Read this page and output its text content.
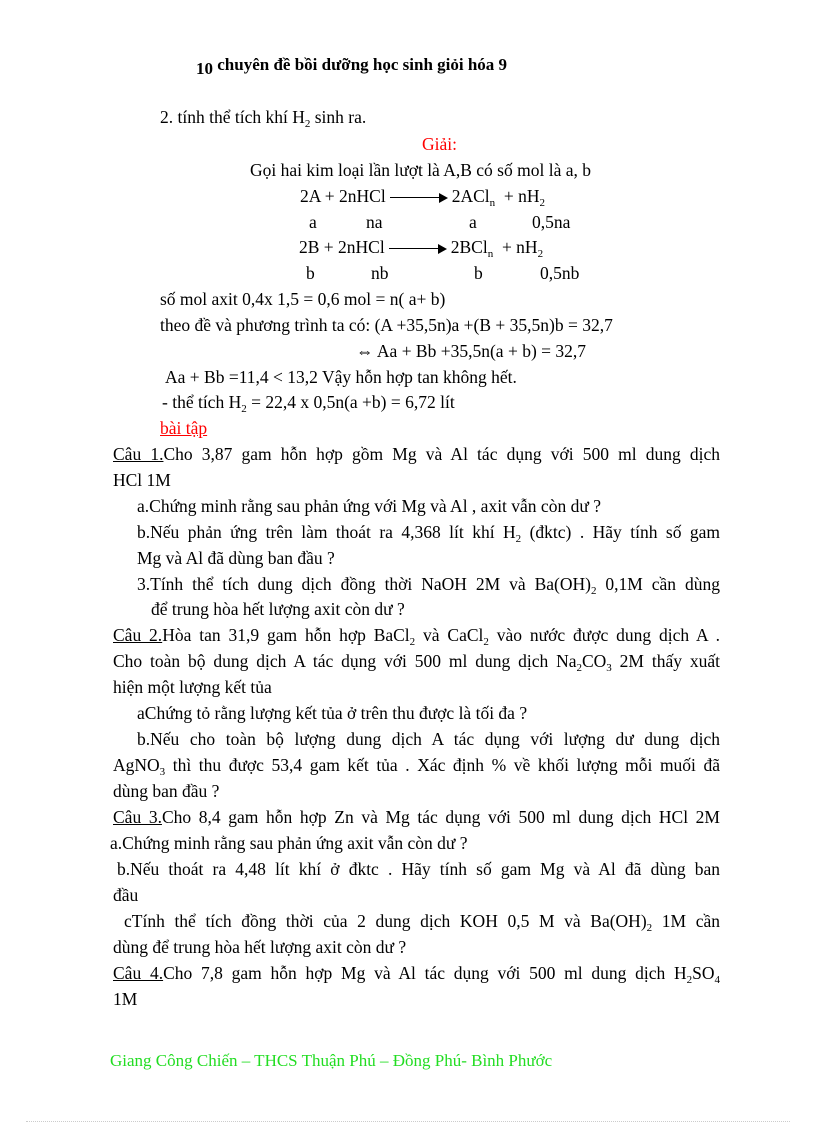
10 chuyên đề bồi dưỡng học sinh giỏi hóa 9
2. tính thể tích khí $H_2$ sinh ra.
Giải:
Gọi hai kim loại lần lượt là A,B có số mol là a, b
2A + 2nHCl	$2ACl_n + nH_2$
a	na	a	0,5na
2B + 2nHCl	$2BCl_n + nH_2$
b	nb	b	0,5nb
số mol axit 0,4x 1,5 = 0,6 mol = n( a+ b)
theo đề và phương trình ta có: (A +35,5n)a +(B + 35,5n)b = 32,7
⇔ Aa + Bb +35,5n(a + b) = 32,7
Aa + Bb =11,4 < 13,2 Vậy hỗn hợp tan không hết.
- thể tích $H_2 = 22,4$ x 0,5n(a +b) = 6,72 lít
bài tập
Câu 1.Cho 3,87 gam hỗn hợp gồm Mg và Al tác dụng với 500 ml dung dịch
HCl 1M
a.Chứng minh rằng sau phản ứng với Mg và Al , axit vẫn còn dư ?
b.Nếu phản ứng trên làm thoát ra 4,368 lít khí $H_2$ (đktc) . Hãy tính số gam
Mg và Al đã dùng ban đầu ?
3.Tính thể tích dung dịch đồng thời NaOH 2M và $Ba(OH)_2$ 0,1M cần dùng
để trung hòa hết lượng axit còn dư ?
Câu 2.Hòa tan 31,9 gam hỗn hợp BaCl$_2$ và CaCl$_2$ vào nước được dung dịch A .
Cho toàn bộ dung dịch A tác dụng với 500 ml dung dịch $Na_2CO_3$ 2M thấy xuất
hiện một lượng kết tủa
aChứng tỏ rằng lượng kết tủa ở trên thu được là tối đa ?
b.Nếu cho toàn bộ lượng dung dịch A tác dụng với lượng dư dung dịch
AgNO$_3$ thì thu được 53,4 gam kết tủa . Xác định % về khối lượng mỗi muối đã
dùng ban đầu ?
Câu 3.Cho 8,4 gam hỗn hợp Zn và Mg tác dụng với 500 ml dung dịch HCl 2M
a.Chứng minh rằng sau phản ứng axit vẫn còn dư ?
b.Nếu thoát ra 4,48 lít khí ở đktc . Hãy tính số gam Mg và Al đã dùng ban
đầu
cTính thể tích đồng thời của 2 dung dịch KOH 0,5 M và $Ba(OH)_2$ 1M cần
dùng để trung hòa hết lượng axit còn dư ?
Câu 4.Cho 7,8 gam hỗn hợp Mg và Al tác dụng với 500 ml dung dịch $H_2SO_4$
1M
Giang Công Chiến – THCS Thuận Phú – Đồng Phú- Bình Phước
